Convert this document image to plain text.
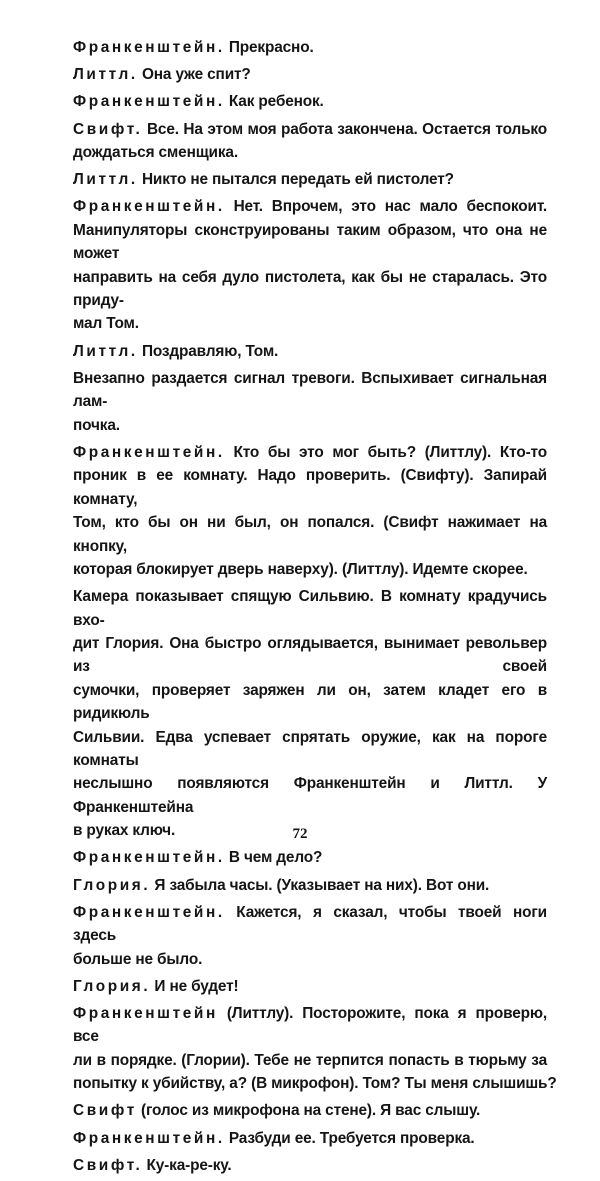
Франкенштейн. Прекрасно.

Литтл. Она уже спит?

Франкенштейн. Как ребенок.

Свифт. Все. На этом моя работа закончена. Остается только
дождаться сменщика.

Литтл. Никто не пытался передать ей пистолет?

Франкенштейн. Нет. Впрочем, это нас мало беспокоит.
Манипуляторы сконструированы таким образом, что она не может
направить на себя дуло пистолета, как бы не старалась. Это приду-
мал Том.

Литтл. Поздравляю, Том.

Внезапно раздается сигнал тревоги. Вспыхивает сигнальная лам-
почка.

Франкенштейн. Кто бы это мог быть? (Литтлу). Кто-то
проник в ее комнату. Надо проверить. (Свифту). Запирай комнату,
Том, кто бы он ни был, он попался. (Свифт нажимает на кнопку,
которая блокирует дверь наверху). (Литтлу). Идемте скорее.

Камера показывает спящую Сильвию. В комнату крадучись вхо-
дит Глория. Она быстро оглядывается, вынимает револьвер из своей
сумочки, проверяет заряжен ли он, затем кладет его в ридикюль
Сильвии. Едва успевает спрятать оружие, как на пороге комнаты
неслышно появляются Франкенштейн и Литтл. У Франкенштейна
в руках ключ.

Франкенштейн. В чем дело?

Глория. Я забыла часы. (Указывает на них). Вот они.

Франкенштейн. Кажется, я сказал, чтобы твоей ноги здесь
больше не было.

Глория. И не будет!

Франкенштейн (Литтлу). Посторожите, пока я проверю, все
ли в порядке. (Глории). Тебе не терпится попасть в тюрьму за
попытку к убийству, а? (В микрофон). Том? Ты меня слышишь?

Свифт (голос из микрофона на стене). Я вас слышу.

Франкенштейн. Разбуди ее. Требуется проверка.

Свифт. Ку-ка-ре-ку.

72
